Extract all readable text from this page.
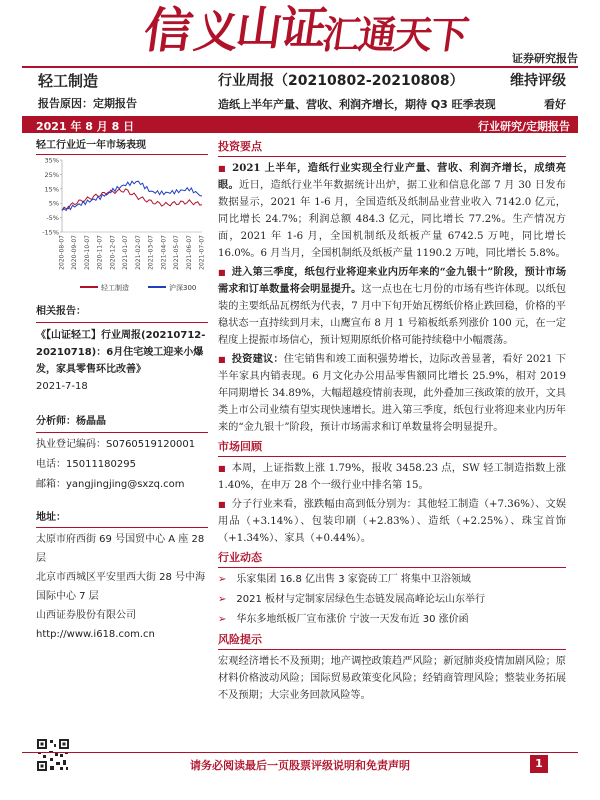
信
义
山证
汇通天下
证券研究报告
轻工制造	行业周报（20210802-20210808）	维持评级
报告原因：定期报告	造纸上半年产量、营收、利润齐增长，期待 Q3 旺季表现	看好
2021 年 8 月 8 日	行业研究/定期报告
轻工行业近一年市场表现
35%
25%
15%
5%
-5%
-15%
2020-08-07 2020-09-07 2020-10-07 2020-11-07 2020-12-07 2021-01-07 2021-02-07 2021-03-07 2021-04-07 2021-05-07 2021-06-07 2021-07-07
轻工制造	沪深300
相关报告：
《【山证轻工】行业周报(20210712-20210718)：6月住宅竣工迎来小爆发，家具零售环比改善》
2021-7-18
分析师：杨晶晶
执业登记编码：S0760519120001
电话：15011180295
邮箱：yangjingjing@sxzq.com
地址：
太原市府西街 69 号国贸中心 A 座 28 层
北京市西城区平安里西大街 28 号中海国际中心 7 层
山西证券股份有限公司
http://www.i618.com.cn
投资要点

■ 2021 上半年，造纸行业实现全行业产量、营收、利润齐增长，成绩亮眼。近日，造纸行业半年数据统计出炉，据工业和信息化部 7 月 30 日发布数据显示，2021 年 1-6 月，全国造纸及纸制品业营业收入 7142.0 亿元，同比增长 24.7%；利润总额 484.3 亿元，同比增长 77.2%。生产情况方面，2021 年 1-6 月，全国机制纸及纸板产量 6742.5 万吨，同比增长 16.0%。6 月当月，全国机制纸及纸板产量 1190.2 万吨，同比增长 5.8%。

■ 进入第三季度，纸包行业将迎来业内历年来的“金九银十”阶段，预计市场需求和订单数量将会明显提升。这一点也在七月份的市场有些许体现。以纸包装的主要纸品瓦楞纸为代表，7 月中下旬开始瓦楞纸价格止跌回稳，价格的平稳状态一直持续到月末，山鹰宣布 8 月 1 号箱板纸系列涨价 100 元，在一定程度上提振市场信心，预计短期原纸价格可能持续稳中小幅震荡。

■ 投资建议：住宅销售和竣工面积强势增长，边际改善显著，看好 2021 下半年家具内销表现。6 月文化办公用品零售额同比增长 25.9%，相对 2019 年同期增长 34.89%，大幅超越疫情前表现，此外叠加三孩政策的放开，文具类上市公司业绩有望实现快速增长。进入第三季度，纸包行业将迎来业内历年来的“金九银十”阶段，预计市场需求和订单数量将会明显提升。

市场回顾

■ 本周，上证指数上涨 1.79%，报收 3458.23 点，SW 轻工制造指数上涨 1.40%，在申万 28 个一级行业中排名第 15。

■ 分子行业来看，涨跌幅由高到低分别为：其他轻工制造（+7.36%）、文娱用品（+3.14%）、包装印刷（+2.83%）、造纸（+2.25%）、珠宝首饰（+1.34%）、家具（+0.44%）。

行业动态
➢ 乐家集团 16.8 亿出售 3 家瓷砖工厂 将集中卫浴领域
➢ 2021 板材与定制家居绿色生态链发展高峰论坛山东举行
➢ 华东多地纸板厂宣布涨价 宁波一天发布近 30 涨价函
风险提示

宏观经济增长不及预期；地产调控政策趋严风险；新冠肺炎疫情加剧风险；原材料价格波动风险；国际贸易政策变化风险；经销商管理风险；整装业务拓展不及预期；大宗业务回款风险等。

请务必阅读最后一页股票评级说明和免责声明	1
